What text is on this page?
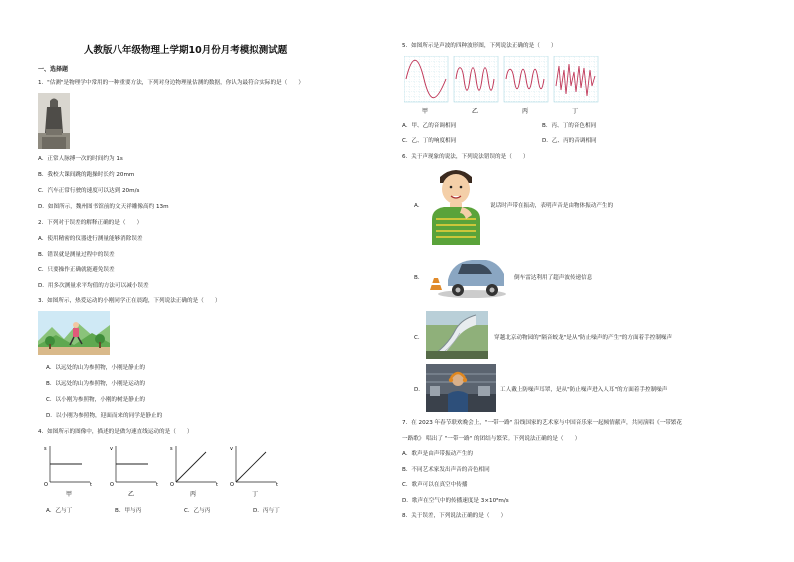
人教版八年级物理上学期10月份月考模拟测试题
一、选择题
1．"估测"是物理学中常用的一种重要方法，下列对身边物理量估测的数据，你认为最符合实际的是（　　）
A．正常人脉搏一次的时间约为 1s
B．我校大课间跳的跑操时长约 20mm
C．汽车正常行驶的速度可以达到 20m/s
D．如图所示，魏州图书馆前的文天祥雕像高约 13m
2．下列对于误差的解释正确的是（　　）
A．使用精密的仪器进行测量能够消除误差
B．错误就是测量过程中的误差
C．只要操作正确就能避免误差
D．用多次测量求平均值的方法可以减小误差
3．如图所示，热爱运动的小刚同学正在晨跑，下列说法正确的是（　　）
A．以远处的山为参照物，小刚是静止的
B．以远处的山为参照物，小刚是运动的
C．以小刚为参照物，小刚的树是静止的
D．以小刚为参照物，迎面而来的同学是静止的
4．如图所示的图像中，描述的是做匀速直线运动的是（　　）
s
O	t
甲
v
O	t
乙
s
O	t
丙
v
O	t
丁
A．乙与丁	B．甲与丙	C．乙与丙	D．丙与丁
5．如图所示是声波的四种波形图，下列说法正确的是（　　）
甲	乙	丙	丁
A．甲、乙的音调相同	B．丙、丁的音色相同
C．乙、丁的响度相同	D．乙、丙的音调相同
6．关于声现象的说法，下列说法错误的是（　　）
A．	说话时声带在振动，表明声音是由物体振动产生的
B．	倒车雷达利用了超声波传递信息
C．	穿越北京动物园的"隔音蛟龙"是从"防止噪声的产生"的方面着手控制噪声
D．	工人戴上防噪声耳罩，是从"防止噪声进入人耳"的方面着手控制噪声
7．在 2023 年春节联欢晚会上，"一带一路" 沿线国家的艺术家与中国音乐家一起倾情献声，共同演唱《一带繁花
一路歌》 唱出了 "一带一路" 的团结与繁荣。下列说法正确的是（　　）
A．歌声是由声带振动产生的
B．不同艺术家发出声音的音色相同
C．歌声可以在真空中传播
D．歌声在空气中的传播速度是 3×10⁸m/s
8．关于误差，下列说法正确的是（　　）
